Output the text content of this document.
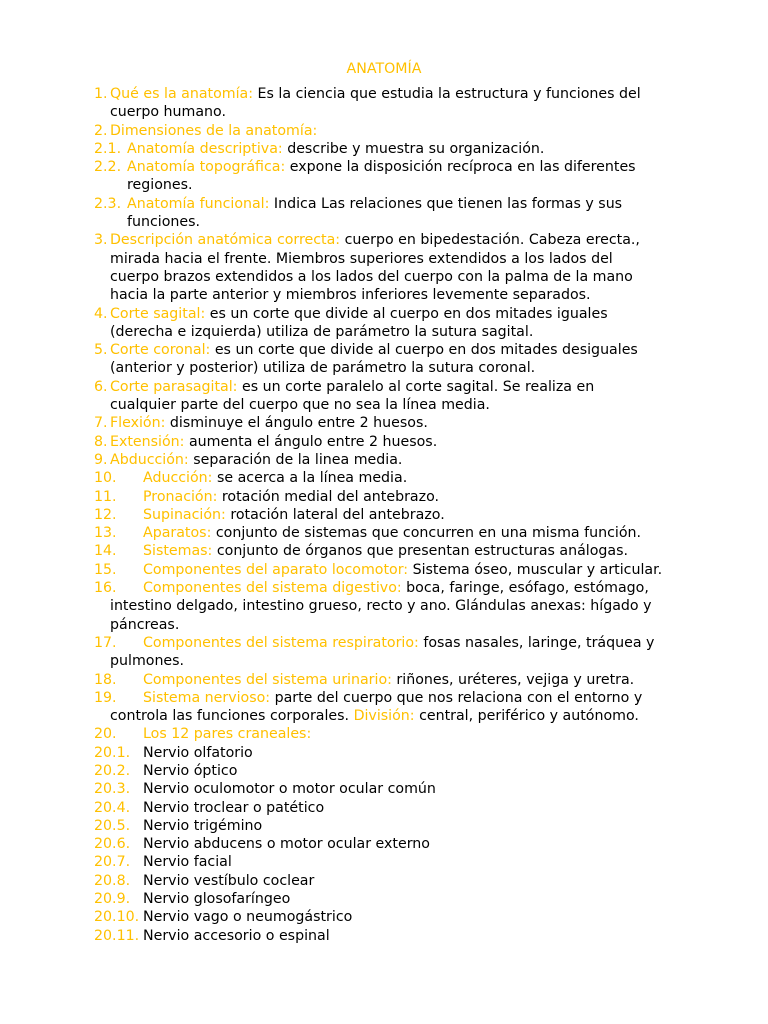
ANATOMÍA
1. Qué es la anatomía: Es la ciencia que estudia la estructura y funciones del cuerpo humano.
2. Dimensiones de la anatomía:
2.1. Anatomía descriptiva: describe y muestra su organización.
2.2. Anatomía topográfica: expone la disposición recíproca en las diferentes regiones.
2.3. Anatomía funcional: Indica Las relaciones que tienen las formas y sus funciones.
3. Descripción anatómica correcta: cuerpo en bipedestación. Cabeza erecta., mirada hacia el frente. Miembros superiores extendidos a los lados del cuerpo brazos extendidos a los lados del cuerpo con la palma de la mano hacia la parte anterior y miembros inferiores levemente separados.
4. Corte sagital: es un corte que divide al cuerpo en dos mitades iguales (derecha e izquierda) utiliza de parámetro la sutura sagital.
5. Corte coronal: es un corte que divide al cuerpo en dos mitades desiguales (anterior y posterior) utiliza de parámetro la sutura coronal.
6. Corte parasagital: es un corte paralelo al corte sagital. Se realiza en cualquier parte del cuerpo que no sea la línea media.
7. Flexión: disminuye el ángulo entre 2 huesos.
8. Extensión: aumenta el ángulo entre 2 huesos.
9. Abducción: separación de la linea media.
10. Aducción: se acerca a la línea media.
11. Pronación: rotación medial del antebrazo.
12. Supinación: rotación lateral del antebrazo.
13. Aparatos: conjunto de sistemas que concurren en una misma función.
14. Sistemas: conjunto de órganos que presentan estructuras análogas.
15. Componentes del aparato locomotor: Sistema óseo, muscular y articular.
16. Componentes del sistema digestivo: boca, faringe, esófago, estómago, intestino delgado, intestino grueso, recto y ano. Glándulas anexas: hígado y páncreas.
17. Componentes del sistema respiratorio: fosas nasales, laringe, tráquea y pulmones.
18. Componentes del sistema urinario: riñones, uréteres, vejiga y uretra.
19. Sistema nervioso: parte del cuerpo que nos relaciona con el entorno y controla las funciones corporales. División: central, periférico y autónomo.
20. Los 12 pares craneales:
20.1. Nervio olfatorio
20.2. Nervio óptico
20.3. Nervio oculomotor o motor ocular común
20.4. Nervio troclear o patético
20.5. Nervio trigémino
20.6. Nervio abducens o motor ocular externo
20.7. Nervio facial
20.8. Nervio vestíbulo coclear
20.9. Nervio glosofaríngeo
20.10. Nervio vago o neumogástrico
20.11. Nervio accesorio o espinal
